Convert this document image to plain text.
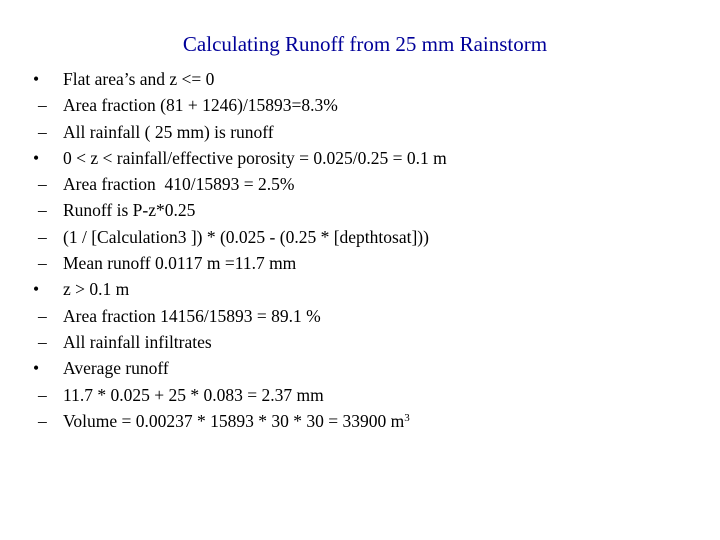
Calculating Runoff from 25 mm Rainstorm
• Flat area’s and z <= 0
– Area fraction (81 + 1246)/15893=8.3%
– All rainfall ( 25 mm) is runoff
• 0 < z < rainfall/effective porosity = 0.025/0.25 = 0.1 m
– Area fraction  410/15893 = 2.5%
– Runoff is P-z*0.25
– (1 / [Calculation3 ]) * (0.025 - (0.25 * [depthtosat]))
– Mean runoff 0.0117 m =11.7 mm
• z > 0.1 m
– Area fraction 14156/15893 = 89.1 %
– All rainfall infiltrates
• Average runoff
– 11.7 * 0.025 + 25 * 0.083 = 2.37 mm
– Volume = 0.00237 * 15893 * 30 * 30 = 33900 $m^3$
